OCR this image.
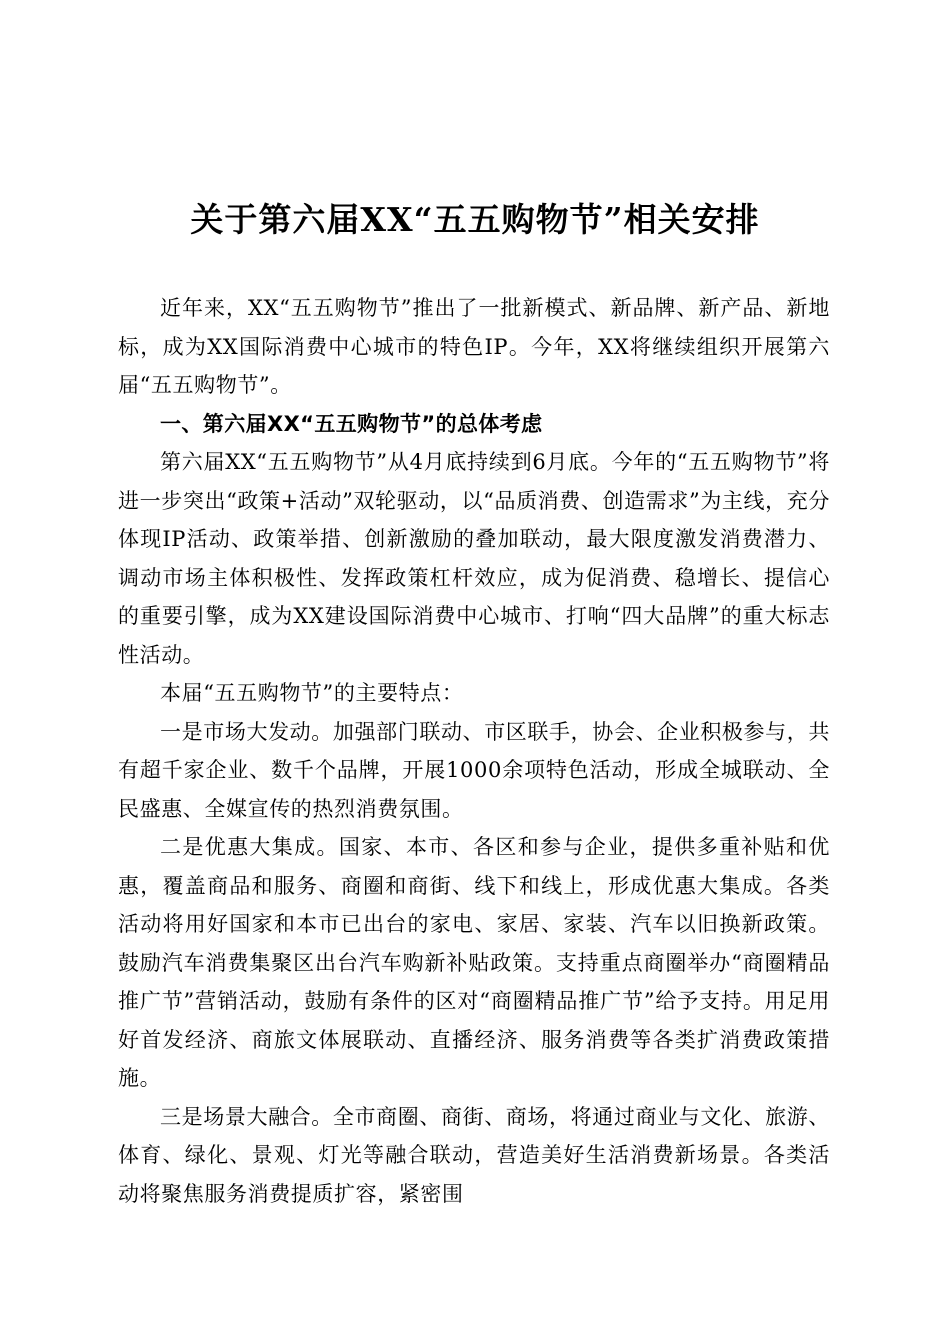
关于第六届XX“五五购物节”相关安排

近年来，XX“五五购物节”推出了一批新模式、新品牌、新产品、新地标，成为XX国际消费中心城市的特色IP。今年，XX将继续组织开展第六届“五五购物节”。

一、第六届XX“五五购物节”的总体考虑

第六届XX“五五购物节”从4月底持续到6月底。今年的“五五购物节”将进一步突出“政策+活动”双轮驱动，以“品质消费、创造需求”为主线，充分体现IP活动、政策举措、创新激励的叠加联动，最大限度激发消费潜力、调动市场主体积极性、发挥政策杠杆效应，成为促消费、稳增长、提信心的重要引擎，成为XX建设国际消费中心城市、打响“四大品牌”的重大标志性活动。

本届“五五购物节”的主要特点：

一是市场大发动。加强部门联动、市区联手，协会、企业积极参与，共有超千家企业、数千个品牌，开展1000余项特色活动，形成全城联动、全民盛惠、全媒宣传的热烈消费氛围。

二是优惠大集成。国家、本市、各区和参与企业，提供多重补贴和优惠，覆盖商品和服务、商圈和商街、线下和线上，形成优惠大集成。各类活动将用好国家和本市已出台的家电、家居、家装、汽车以旧换新政策。鼓励汽车消费集聚区出台汽车购新补贴政策。支持重点商圈举办“商圈精品推广节”营销活动，鼓励有条件的区对“商圈精品推广节”给予支持。用足用好首发经济、商旅文体展联动、直播经济、服务消费等各类扩消费政策措施。

三是场景大融合。全市商圈、商街、商场，将通过商业与文化、旅游、体育、绿化、景观、灯光等融合联动，营造美好生活消费新场景。各类活动将聚焦服务消费提质扩容，紧密围
